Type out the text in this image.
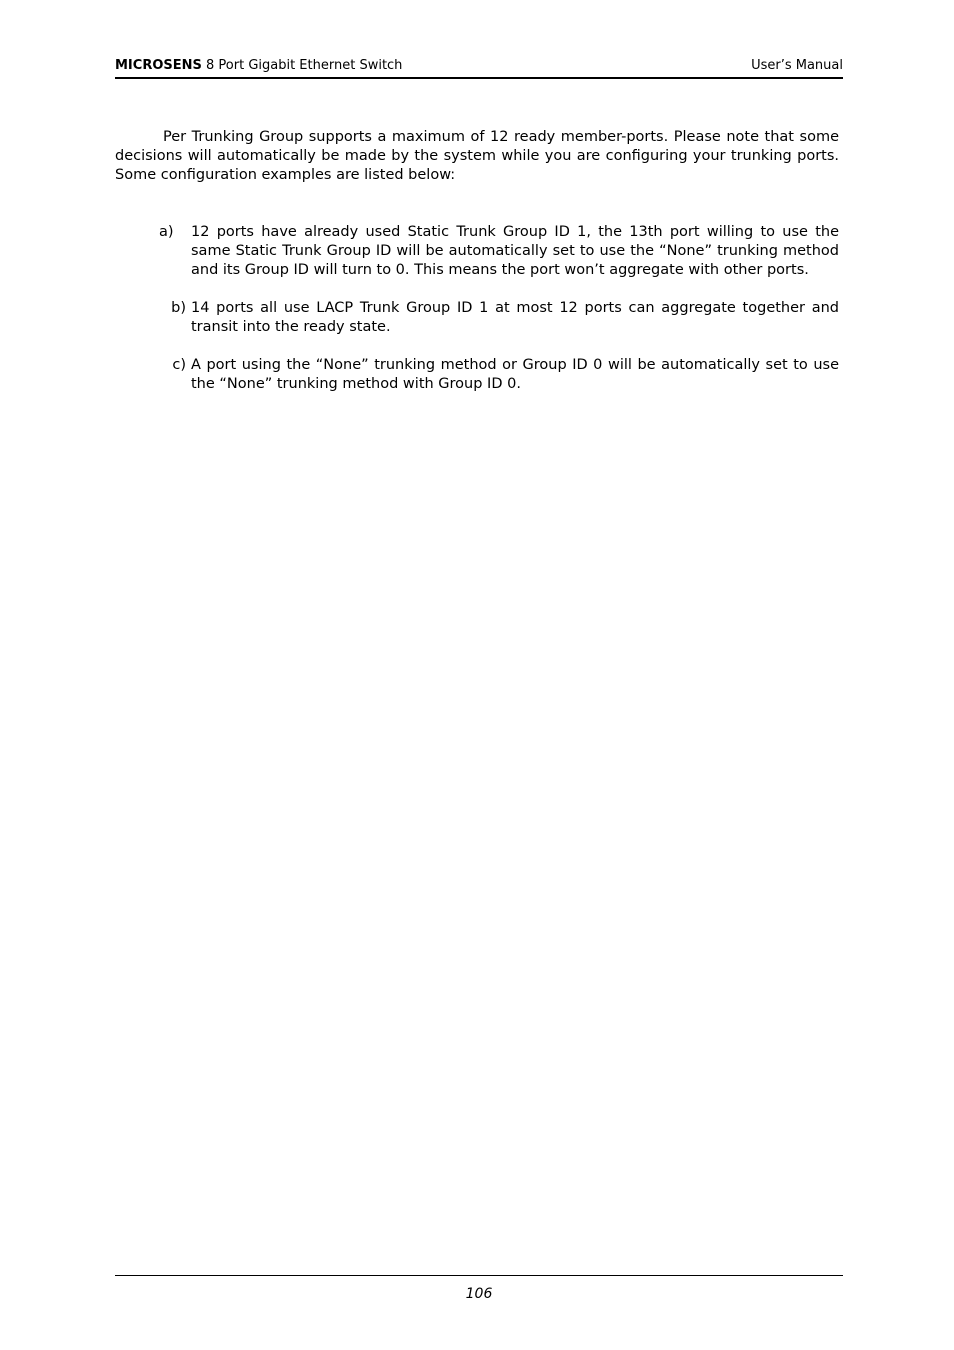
MICROSENS 8 Port Gigabit Ethernet Switch	User’s Manual

Per Trunking Group supports a maximum of 12 ready member-ports. Please note that some decisions will automatically be made by the system while you are configuring your trunking ports. Some configuration examples are listed below:

a)	12 ports have already used Static Trunk Group ID 1, the 13th port willing to use the same Static Trunk Group ID will be automatically set to use the “None” trunking method and its Group ID will turn to 0. This means the port won’t aggregate with other ports.
b) 14 ports all use LACP Trunk Group ID 1 at most 12 ports can aggregate together and transit into the ready state.
c) A port using the “None” trunking method or Group ID 0 will be automatically set to use the “None” trunking method with Group ID 0.
106
